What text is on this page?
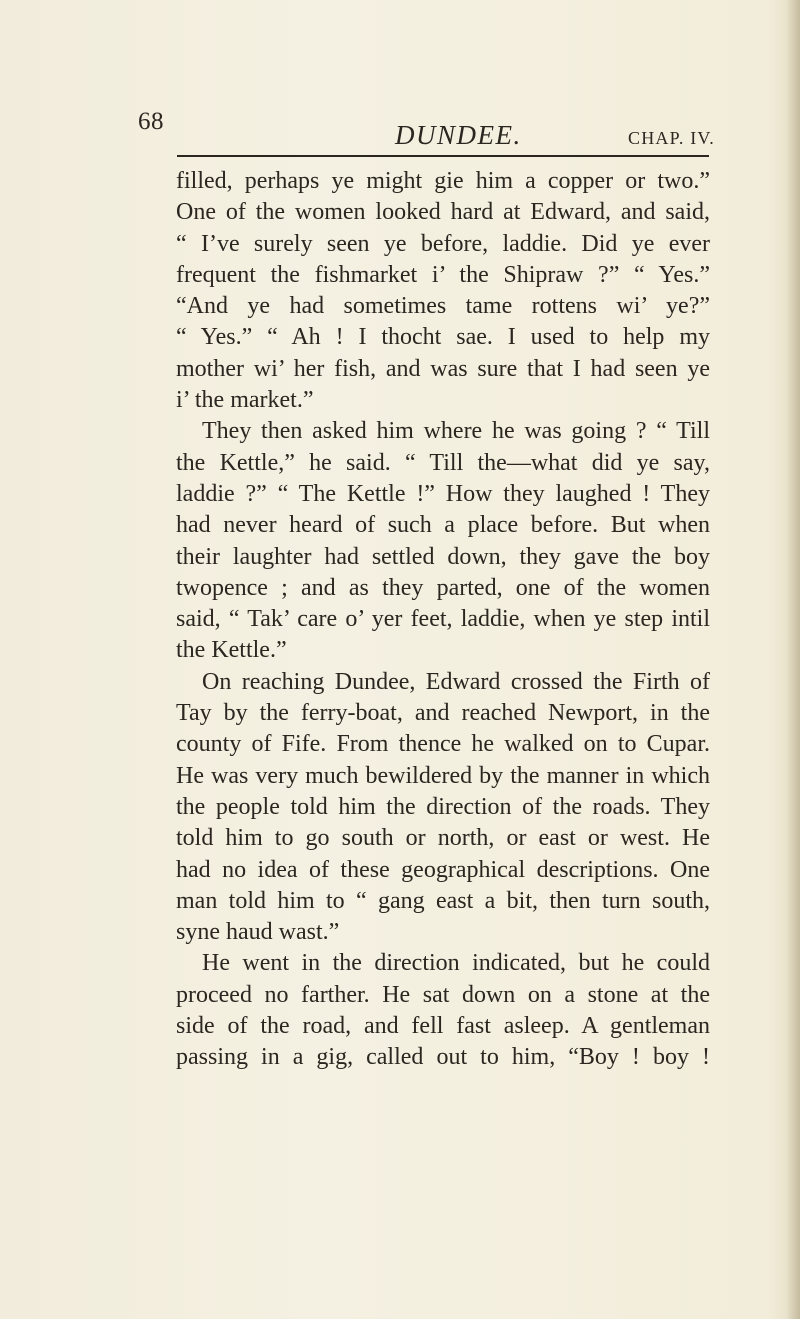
68	DUNDEE.	CHAP. IV.
filled, perhaps ye might gie him a copper or two.”
One of the women looked hard at Edward, and said,
“ I’ve surely seen ye before, laddie. Did ye ever
frequent the fishmarket i’ the Shipraw ?” “ Yes.”
“And ye had sometimes tame rottens wi’ ye?”
“ Yes.” “ Ah ! I thocht sae. I used to help my
mother wi’ her fish, and was sure that I had seen ye
i’ the market.”
They then asked him where he was going ? “ Till
the Kettle,” he said. “ Till the—what did ye say,
laddie ?” “ The Kettle !” How they laughed ! They
had never heard of such a place before. But when
their laughter had settled down, they gave the boy
twopence ; and as they parted, one of the women
said, “ Tak’ care o’ yer feet, laddie, when ye step intil
the Kettle.”
On reaching Dundee, Edward crossed the Firth of
Tay by the ferry-boat, and reached Newport, in the
county of Fife. From thence he walked on to Cupar.
He was very much bewildered by the manner in which
the people told him the direction of the roads. They
told him to go south or north, or east or west. He
had no idea of these geographical descriptions. One
man told him to “ gang east a bit, then turn south,
syne haud wast.”
He went in the direction indicated, but he could
proceed no farther. He sat down on a stone at the
side of the road, and fell fast asleep. A gentleman
passing in a gig, called out to him, “Boy ! boy !
